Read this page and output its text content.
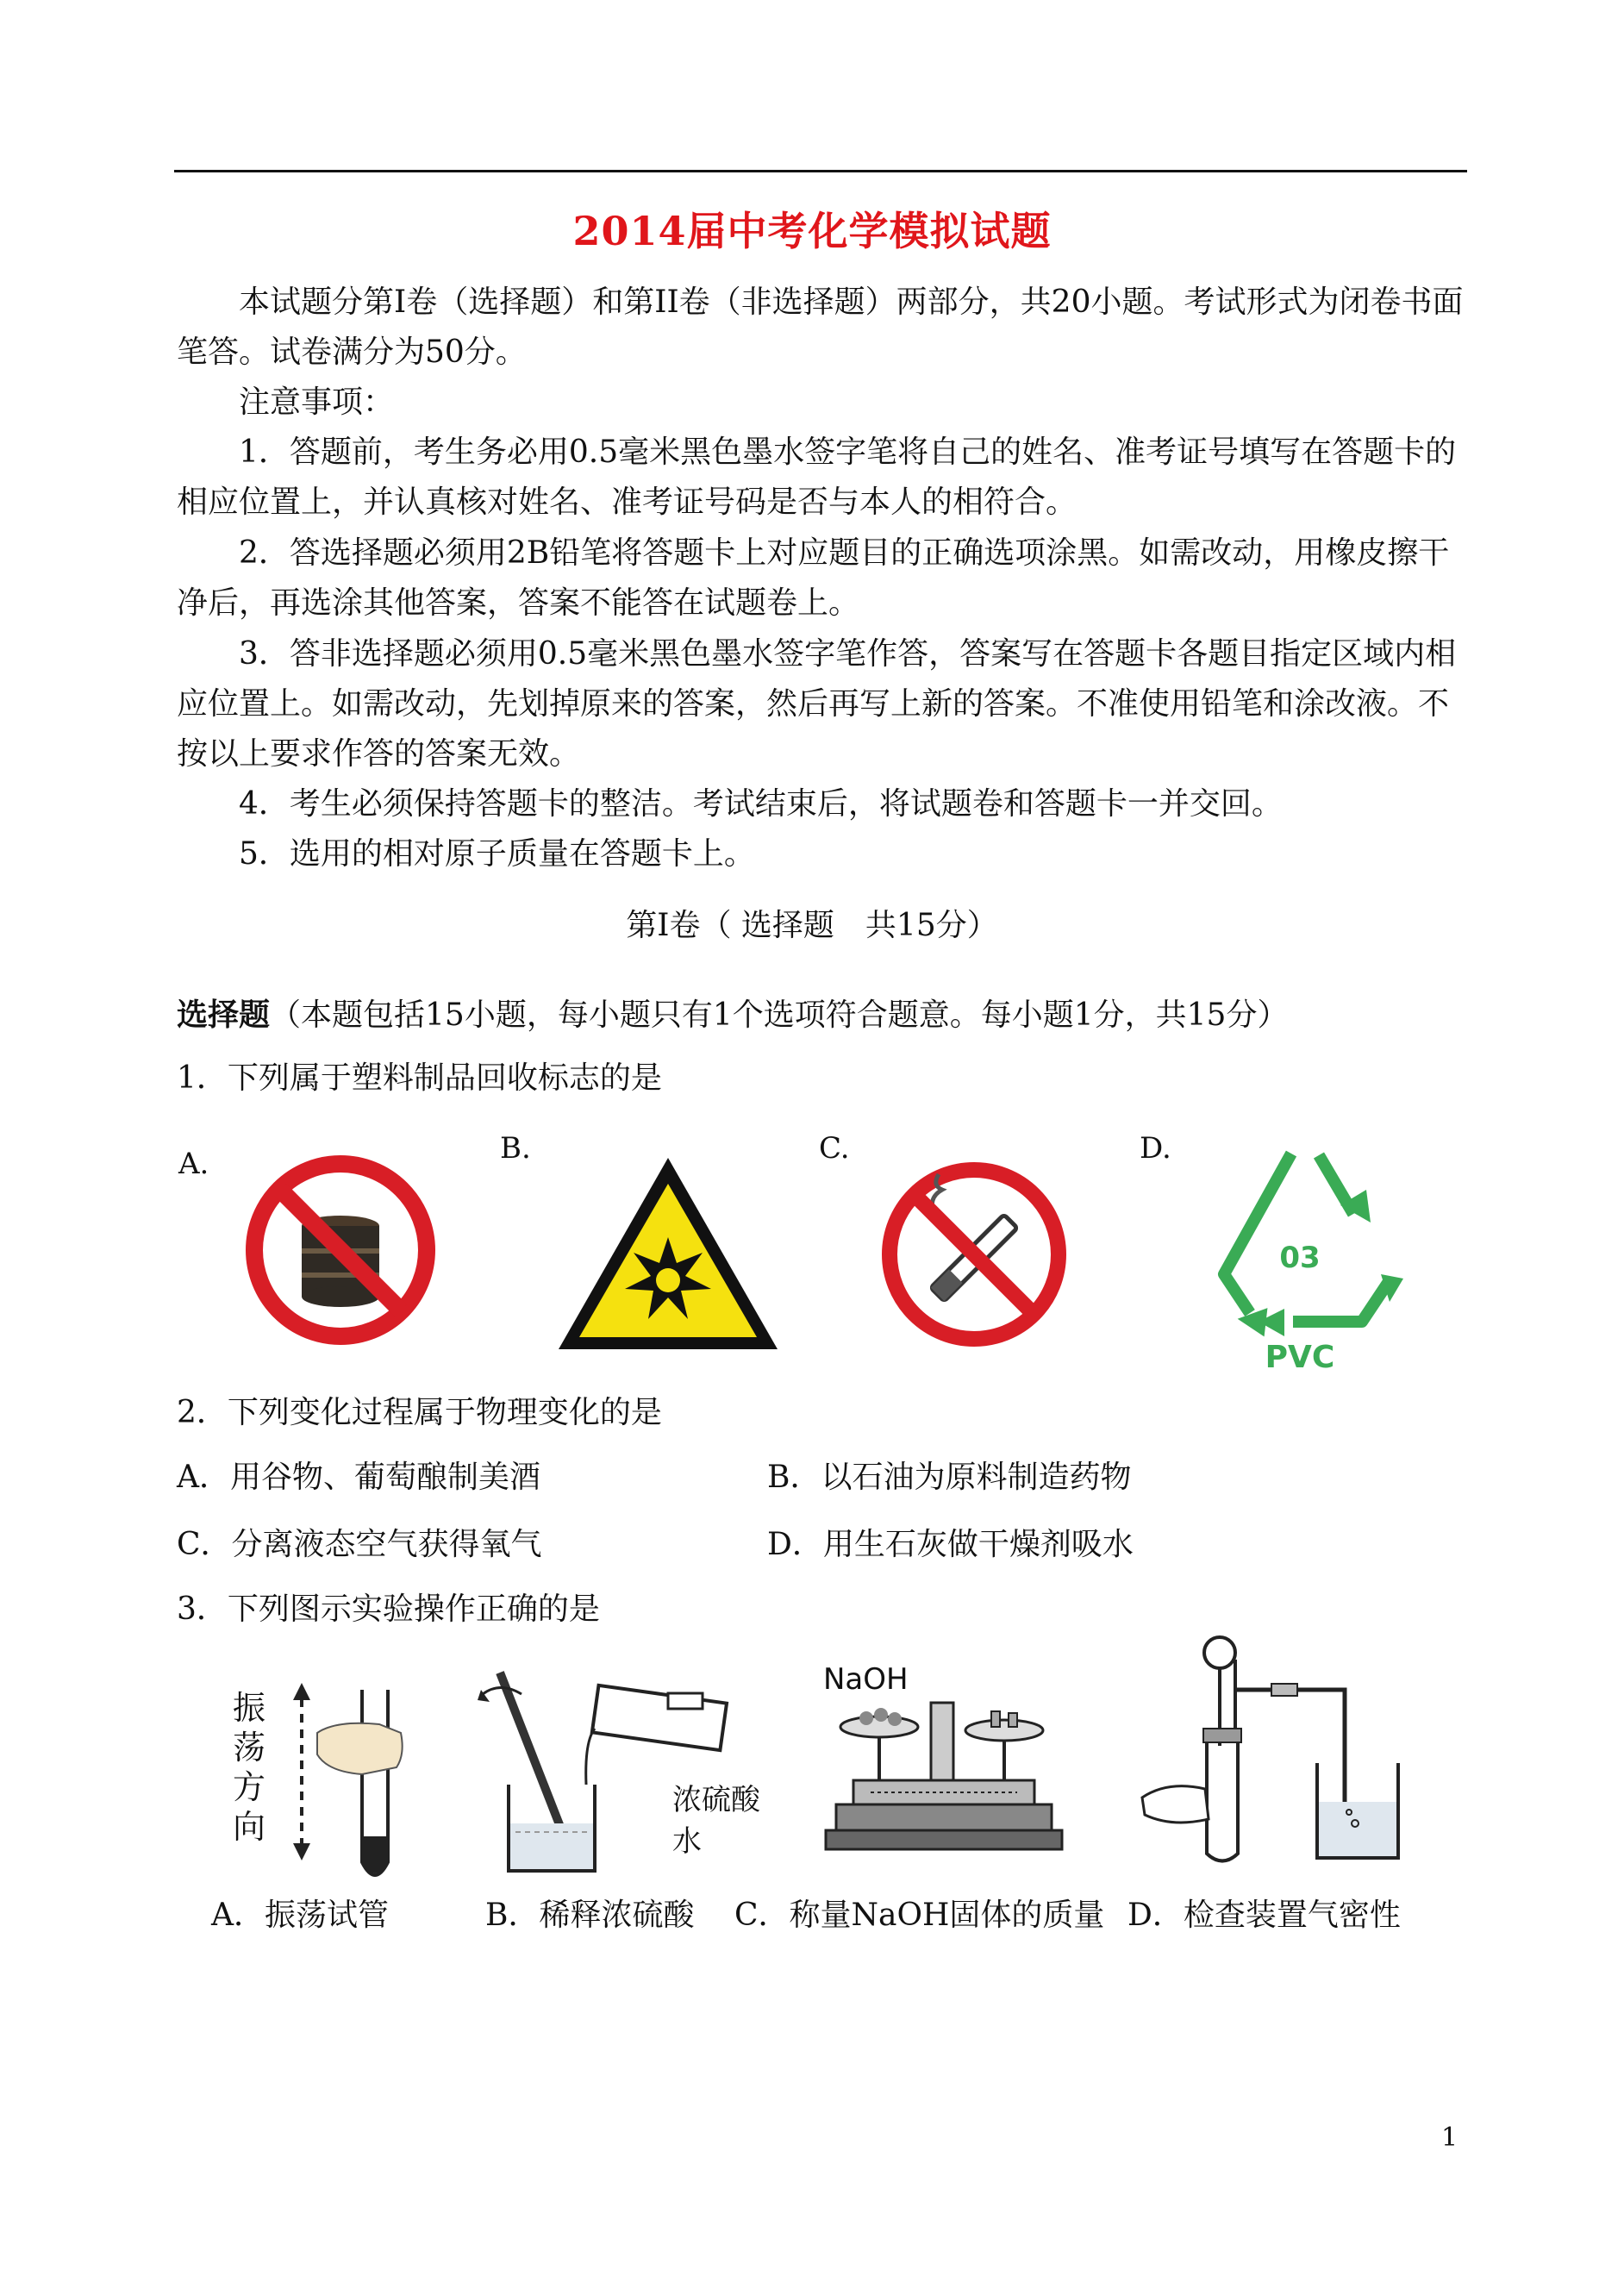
2014届中考化学模拟试题
本试题分第Ⅰ卷（选择题）和第II卷（非选择题）两部分，共20小题。考试形式为闭卷书面笔答。试卷满分为50分。
注意事项：
1．答题前，考生务必用0.5毫米黑色墨水签字笔将自己的姓名、准考证号填写在答题卡的相应位置上，并认真核对姓名、准考证号码是否与本人的相符合。
2．答选择题必须用2B铅笔将答题卡上对应题目的正确选项涂黑。如需改动，用橡皮擦干净后，再选涂其他答案，答案不能答在试题卷上。
3．答非选择题必须用0.5毫米黑色墨水签字笔作答，答案写在答题卡各题目指定区域内相应位置上。如需改动，先划掉原来的答案，然后再写上新的答案。不准使用铅笔和涂改液。不按以上要求作答的答案无效。
4．考生必须保持答题卡的整洁。考试结束后，将试题卷和答题卡一并交回。
5．选用的相对原子质量在答题卡上。
第Ⅰ卷（ 选择题　共15分）
选择题（本题包括15小题，每小题只有1个选项符合题意。每小题1分，共15分）
1．下列属于塑料制品回收标志的是
A.	B.	C.	D.
03
PVC
2．下列变化过程属于物理变化的是
A．用谷物、葡萄酿制美酒	B．以石油为原料制造药物
C．分离液态空气获得氧气	D．用生石灰做干燥剂吸水
3．下列图示实验操作正确的是
振荡方向
浓硫酸
水
NaOH
A．振荡试管	B．稀释浓硫酸 C．称量NaOH固体的质量 D．检查装置气密性
1
